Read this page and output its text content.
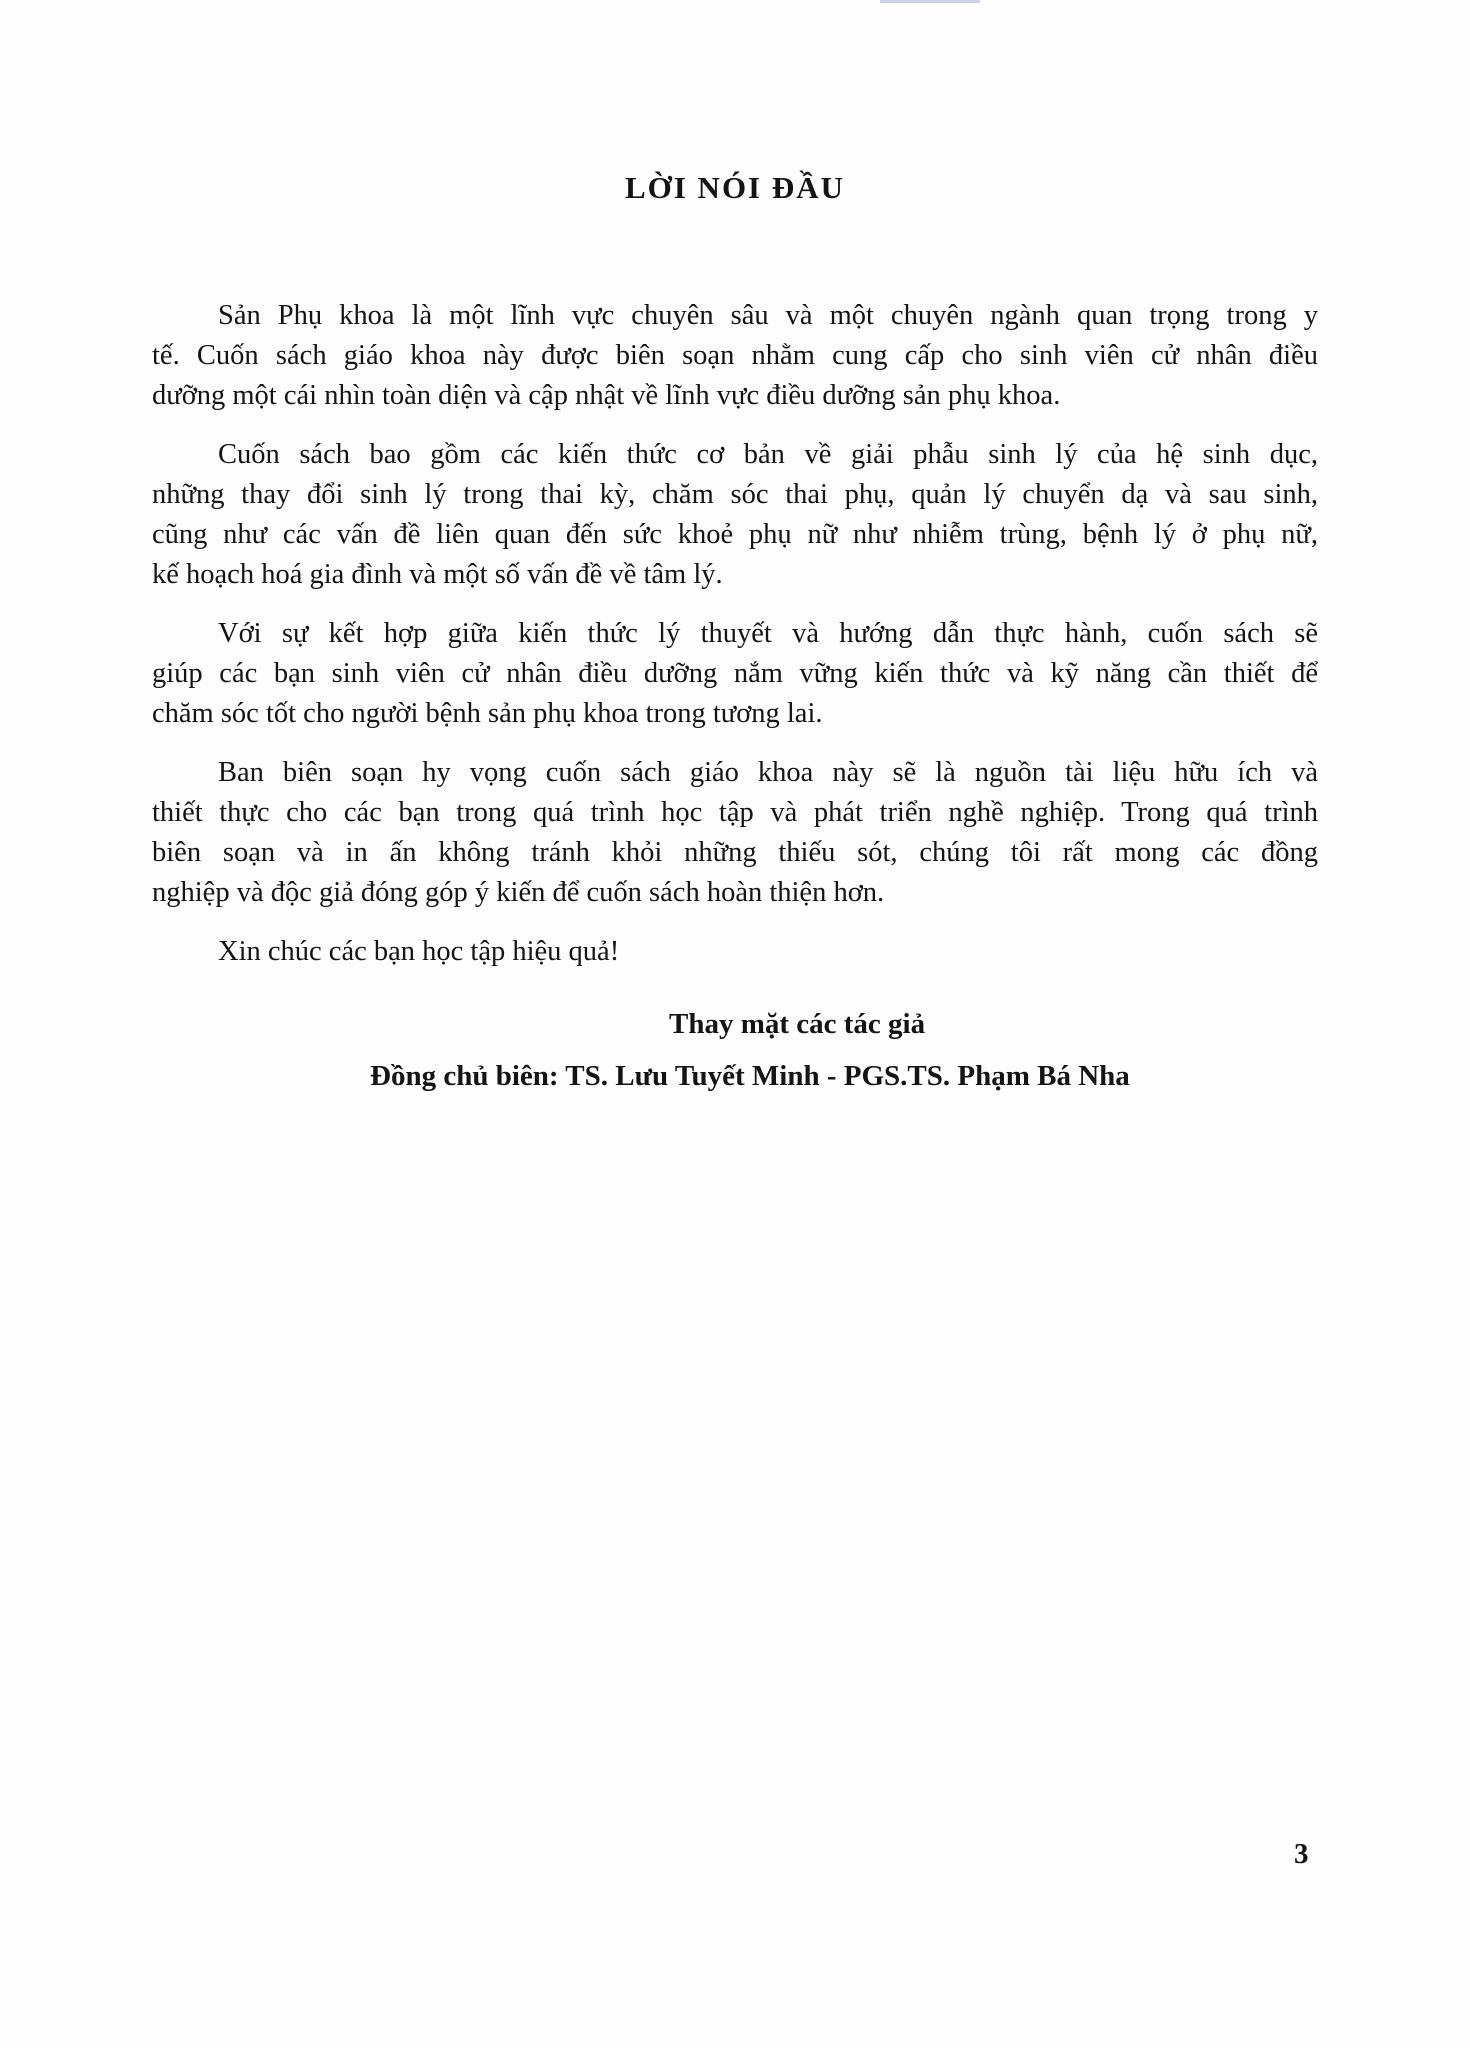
LỜI NÓI ĐẦU
Sản Phụ khoa là một lĩnh vực chuyên sâu và một chuyên ngành quan trọng trong y
tế. Cuốn sách giáo khoa này được biên soạn nhằm cung cấp cho sinh viên cử nhân điều
dưỡng một cái nhìn toàn diện và cập nhật về lĩnh vực điều dưỡng sản phụ khoa.
Cuốn sách bao gồm các kiến thức cơ bản về giải phẫu sinh lý của hệ sinh dục,
những thay đổi sinh lý trong thai kỳ, chăm sóc thai phụ, quản lý chuyển dạ và sau sinh,
cũng như các vấn đề liên quan đến sức khoẻ phụ nữ như nhiễm trùng, bệnh lý ở phụ nữ,
kế hoạch hoá gia đình và một số vấn đề về tâm lý.
Với sự kết hợp giữa kiến thức lý thuyết và hướng dẫn thực hành, cuốn sách sẽ
giúp các bạn sinh viên cử nhân điều dưỡng nắm vững kiến thức và kỹ năng cần thiết để
chăm sóc tốt cho người bệnh sản phụ khoa trong tương lai.
Ban biên soạn hy vọng cuốn sách giáo khoa này sẽ là nguồn tài liệu hữu ích và
thiết thực cho các bạn trong quá trình học tập và phát triển nghề nghiệp. Trong quá trình
biên soạn và in ấn không tránh khỏi những thiếu sót, chúng tôi rất mong các đồng
nghiệp và độc giả đóng góp ý kiến để cuốn sách hoàn thiện hơn.
Xin chúc các bạn học tập hiệu quả!
Thay mặt các tác giả
Đồng chủ biên: TS. Lưu Tuyết Minh - PGS.TS. Phạm Bá Nha
3
